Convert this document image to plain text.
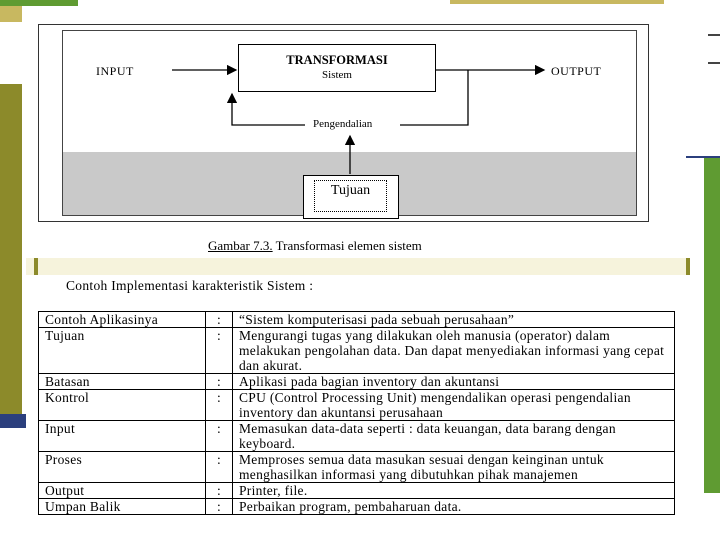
INPUT	OUTPUT
TRANSFORMASI
Sistem
Pengendalian
Tujuan
Gambar 7.3. Transformasi elemen sistem
Contoh Implementasi karakteristik Sistem :
Contoh Aplikasinya	:	“Sistem komputerisasi pada sebuah perusahaan”
Tujuan	:	Mengurangi tugas yang dilakukan oleh manusia (operator) dalam melakukan pengolahan data. Dan dapat menyediakan informasi yang cepat dan akurat.
Batasan	:	Aplikasi pada bagian inventory dan akuntansi
Kontrol	:	CPU (Control Processing Unit) mengendalikan operasi pengendalian inventory dan akuntansi perusahaan
Input	:	Memasukan data-data seperti : data keuangan, data barang dengan keyboard.
Proses	:	Memproses semua data masukan sesuai dengan keinginan untuk menghasilkan informasi yang dibutuhkan pihak manajemen
Output	:	Printer, file.
Umpan Balik	:	Perbaikan program, pembaharuan data.
